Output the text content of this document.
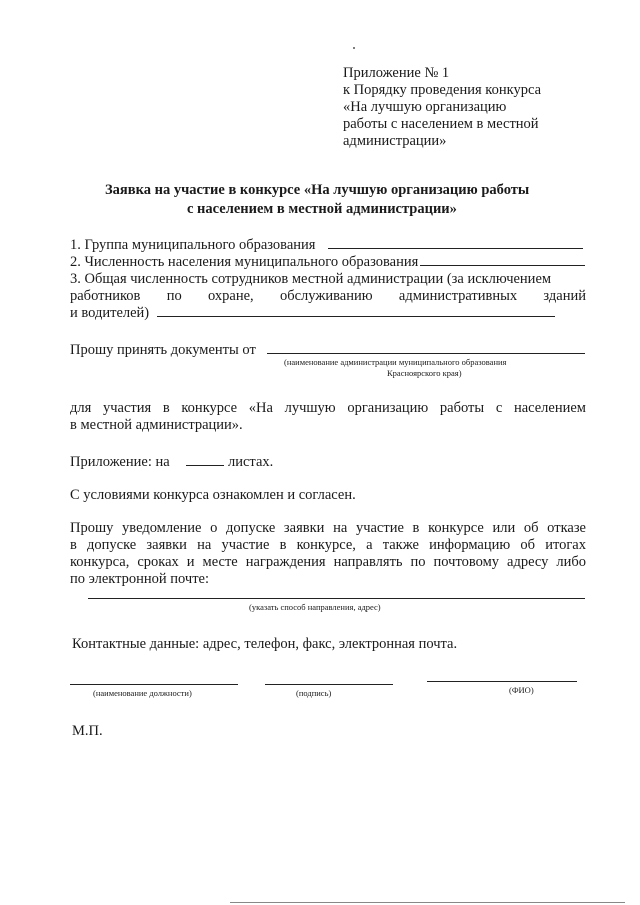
Приложение № 1
к Порядку проведения конкурса
«На лучшую организацию
работы с населением в местной
администрации»
Заявка на участие в конкурсе «На лучшую организацию работы
с населением в местной администрации»
1. Группа муниципального образования
2. Численность населения муниципального образования
3. Общая численность сотрудников местной администрации (за исключением
работников по охране, обслуживанию административных зданий
и водителей)
Прошу принять документы от
(наименование администрации муниципального образования
Красноярского края)
для участия в конкурсе «На лучшую организацию работы с населением
в местной администрации».
Приложение: на	листах.
С условиями конкурса ознакомлен и согласен.
Прошу уведомление о допуске заявки на участие в конкурсе или об отказе
в допуске заявки на участие в конкурсе, а также информацию об итогах
конкурса, сроках и месте награждения направлять по почтовому адресу либо
по электронной почте:
(указать способ направления, адрес)
Контактные данные: адрес, телефон, факс, электронная почта.
(наименование должности)	(подпись)	(ФИО)
М.П.
